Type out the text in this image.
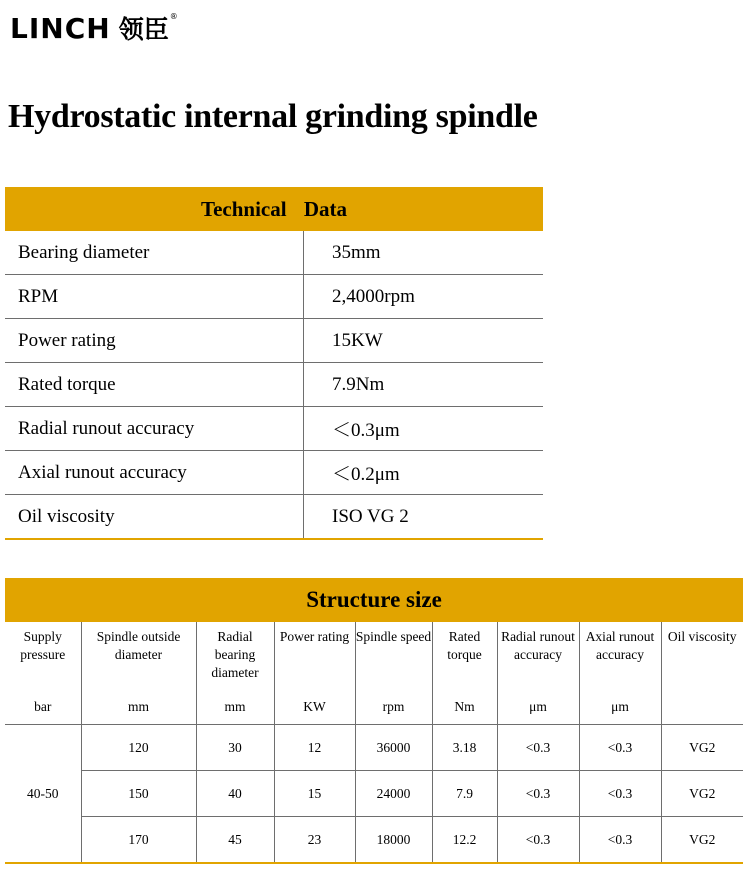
LINCH 领臣 ®
Hydrostatic internal grinding spindle
Technical Data	
Bearing diameter	35mm
RPM	2,4000rpm
Power rating	15KW
Rated torque	7.9Nm
Radial runout accuracy	＜0.3μm
Axial runout accuracy	＜0.2μm
Oil viscosity	ISO VG 2
Structure size
Supply pressure	Spindle outside diameter	Radial bearing diameter	Power rating	Spindle speed	Rated torque	Radial runout accuracy	Axial runout accuracy	Oil viscosity
bar	mm	mm	KW	rpm	Nm	μm	μm	
40-50	120	30	12	36000	3.18	<0.3	<0.3	VG2
	150	40	15	24000	7.9	<0.3	<0.3	VG2
	170	45	23	18000	12.2	<0.3	<0.3	VG2
